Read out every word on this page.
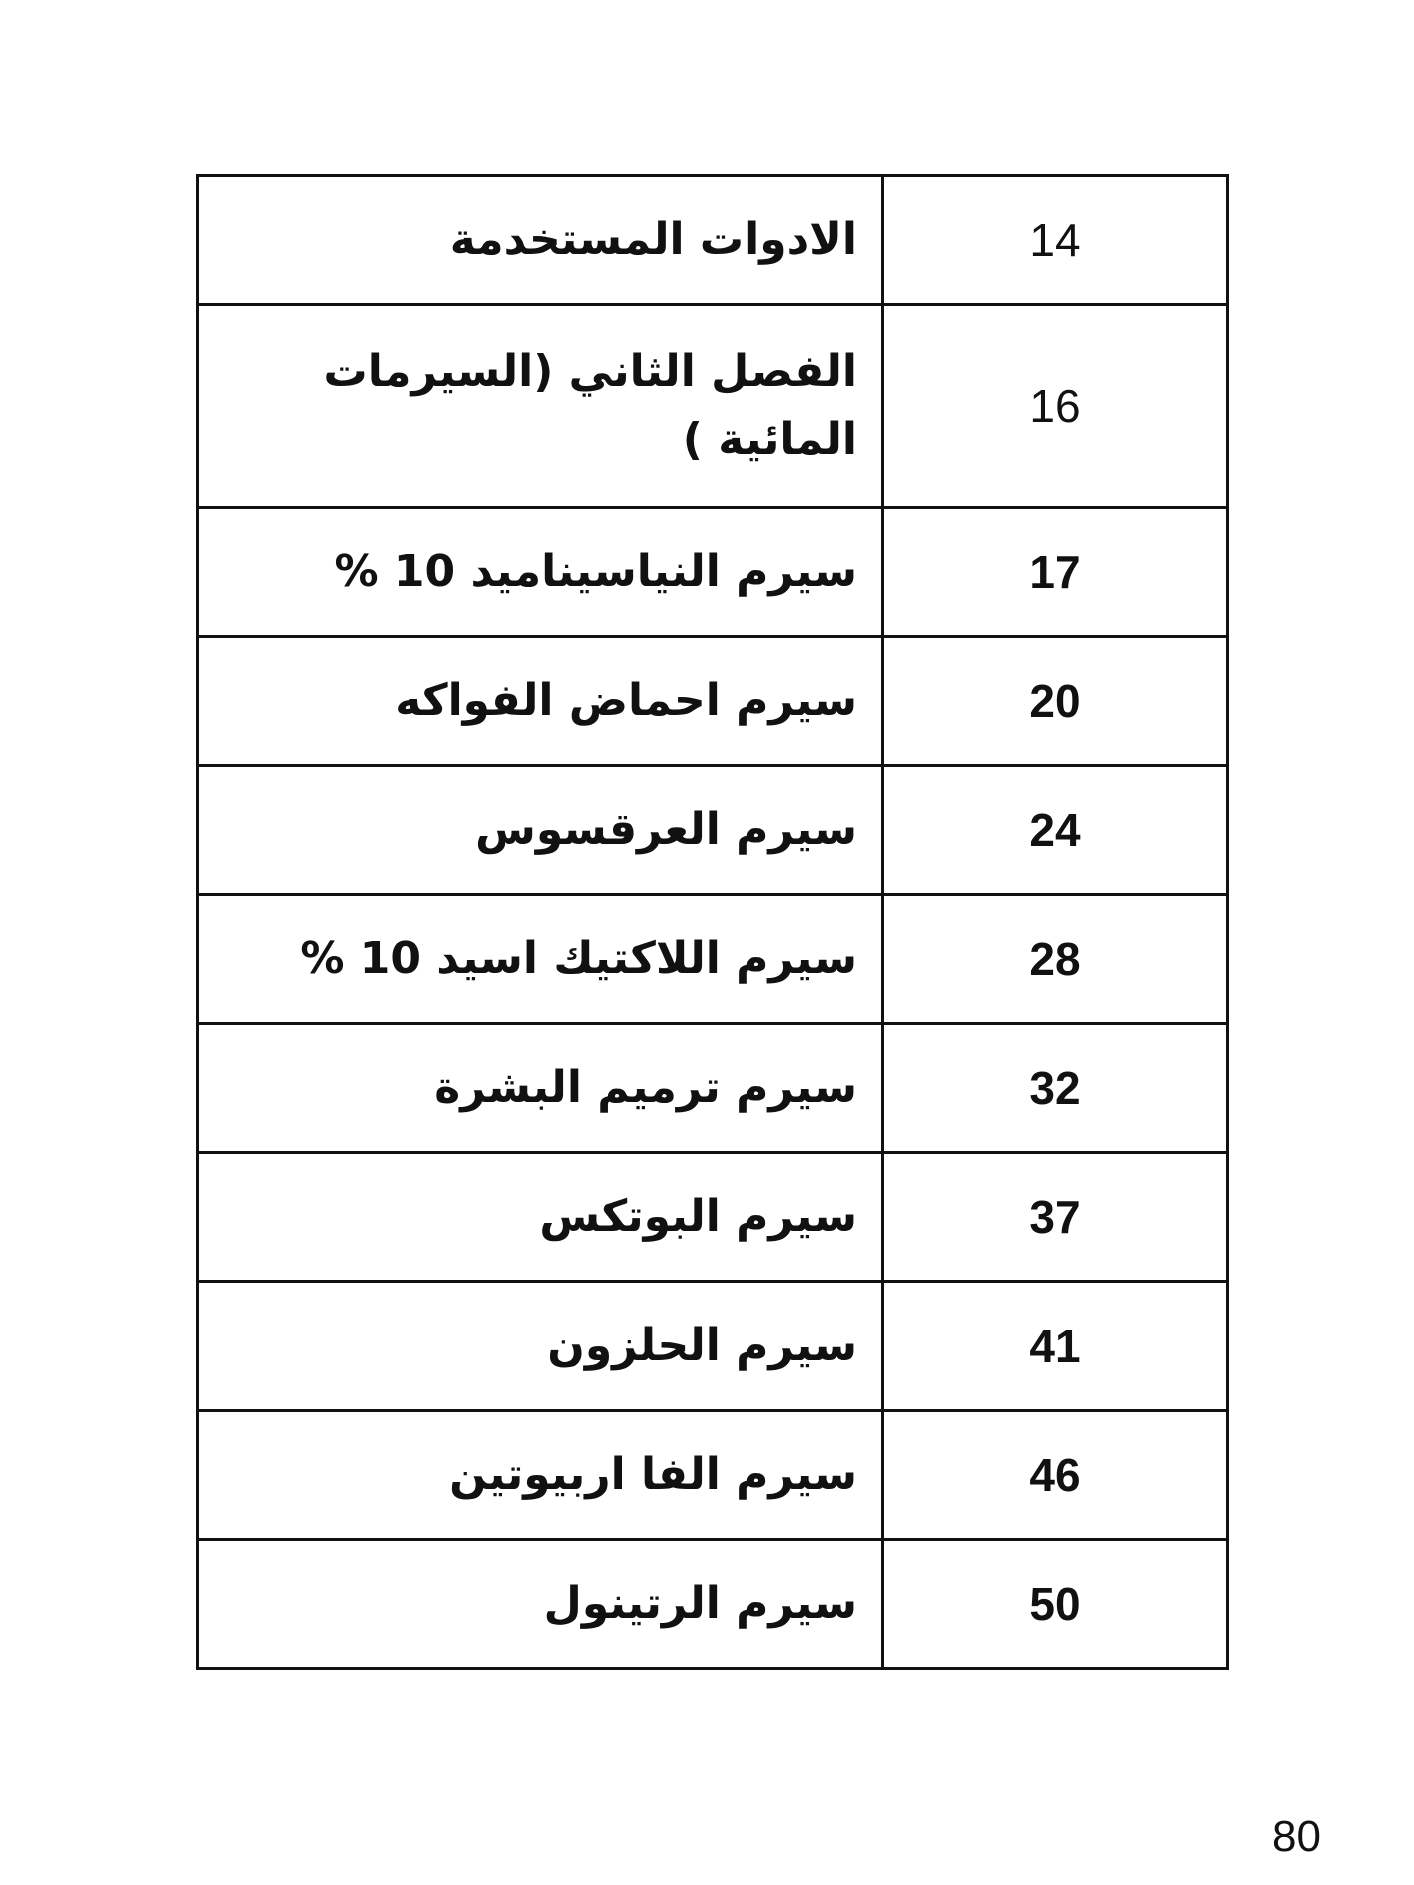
الادوات المستخدمة	14
الفصل الثاني (السيرمات المائية )	16
سيرم النياسيناميد 10 %	17
سيرم احماض الفواكه	20
سيرم العرقسوس	24
سيرم اللاكتيك اسيد 10 %	28
سيرم ترميم البشرة	32
سيرم البوتكس	37
سيرم الحلزون	41
سيرم الفا اربيوتين	46
سيرم الرتينول	50
80
